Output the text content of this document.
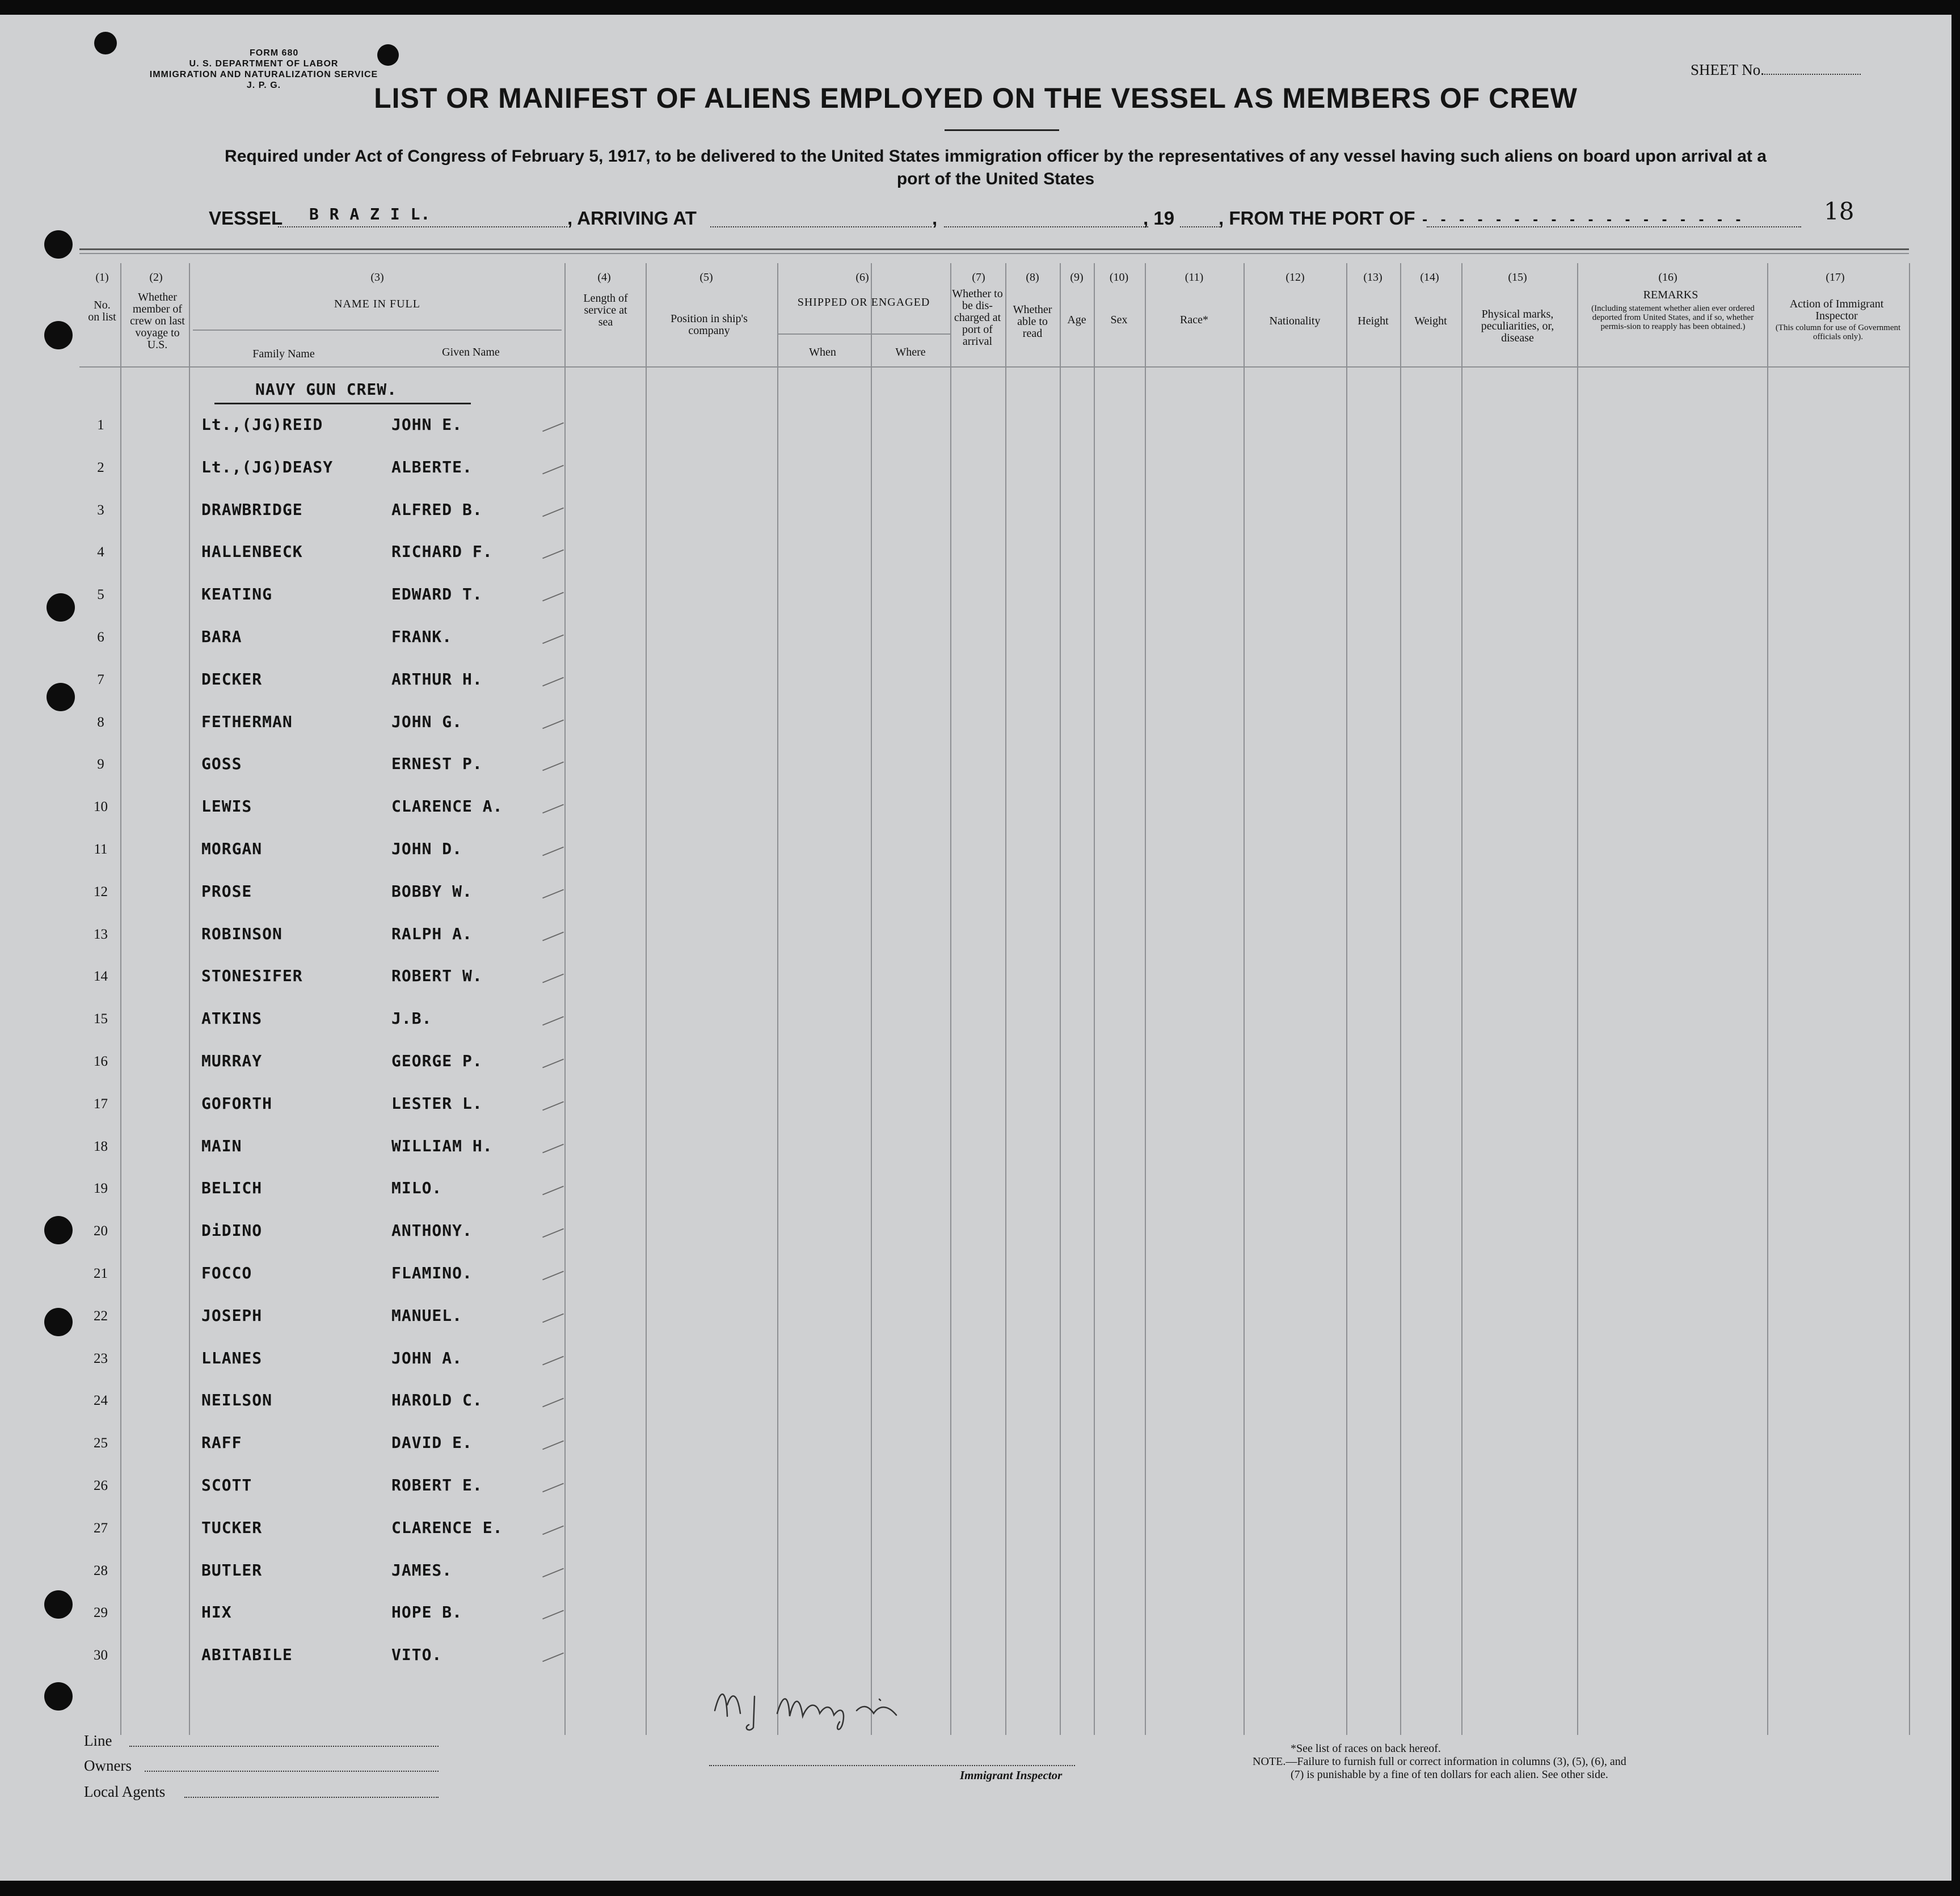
FORM 680
U. S. DEPARTMENT OF LABOR
IMMIGRATION AND NATURALIZATION SERVICE
J. P. G.
SHEET No.
LIST OR MANIFEST OF ALIENS EMPLOYED ON THE VESSEL AS MEMBERS OF CREW
Required under Act of Congress of February 5, 1917, to be delivered to the United States immigration officer by the representatives of any vessel having such aliens on board upon arrival at a
port of the United States
VESSEL B R A Z I L.	, ARRIVING AT	,	, 19 , FROM THE PORT OF - - - - - - - - - - - - - - - - - -	18
(1)
No. on list
(2)
Whether member of crew on last voyage to U.S.
(3)
NAME IN FULL
Family Name	Given Name
(4)
Length of service at sea
(5)
Position in ship's company
(6)
SHIPPED OR ENGAGED
When	Where
(7)
Whether to be dis-charged at port of arrival
(8)
Whether able to read
(9)
Age
(10)
Sex
(11)
Race*
(12)
Nationality
(13)
Height
(14)
Weight
(15)
Physical marks, peculiarities, or, disease
(16)
REMARKS
(Including statement whether alien ever ordered deported from United States, and if so, whether permis-sion to reapply has been obtained.)
(17)
Action of Immigrant Inspector
(This column for use of Government officials only).
NAVY GUN CREW.
1	Lt.,(JG)REID	JOHN E.
2	Lt.,(JG)DEASY	ALBERTE.
3	DRAWBRIDGE	ALFRED B.
4	HALLENBECK	RICHARD F.
5	KEATING	EDWARD T.
6	BARA	FRANK.
7	DECKER	ARTHUR H.
8	FETHERMAN	JOHN G.
9	GOSS	ERNEST P.
10	LEWIS	CLARENCE A.
11	MORGAN	JOHN D.
12	PROSE	BOBBY W.
13	ROBINSON	RALPH A.
14	STONESIFER	ROBERT W.
15	ATKINS	J.B.
16	MURRAY	GEORGE P.
17	GOFORTH	LESTER L.
18	MAIN	WILLIAM H.
19	BELICH	MILO.
20	DiDINO	ANTHONY.
21	FOCCO	FLAMINO.
22	JOSEPH	MANUEL.
23	LLANES	JOHN A.
24	NEILSON	HAROLD C.
25	RAFF	DAVID E.
26	SCOTT	ROBERT E.
27	TUCKER	CLARENCE E.
28	BUTLER	JAMES.
29	HIX	HOPE B.
30	ABITABILE	VITO.
Line
Owners
Local Agents
Immigrant Inspector
*See list of races on back hereof.
NOTE.—Failure to furnish full or correct information in columns (3), (5), (6), and
(7) is punishable by a fine of ten dollars for each alien. See other side.
